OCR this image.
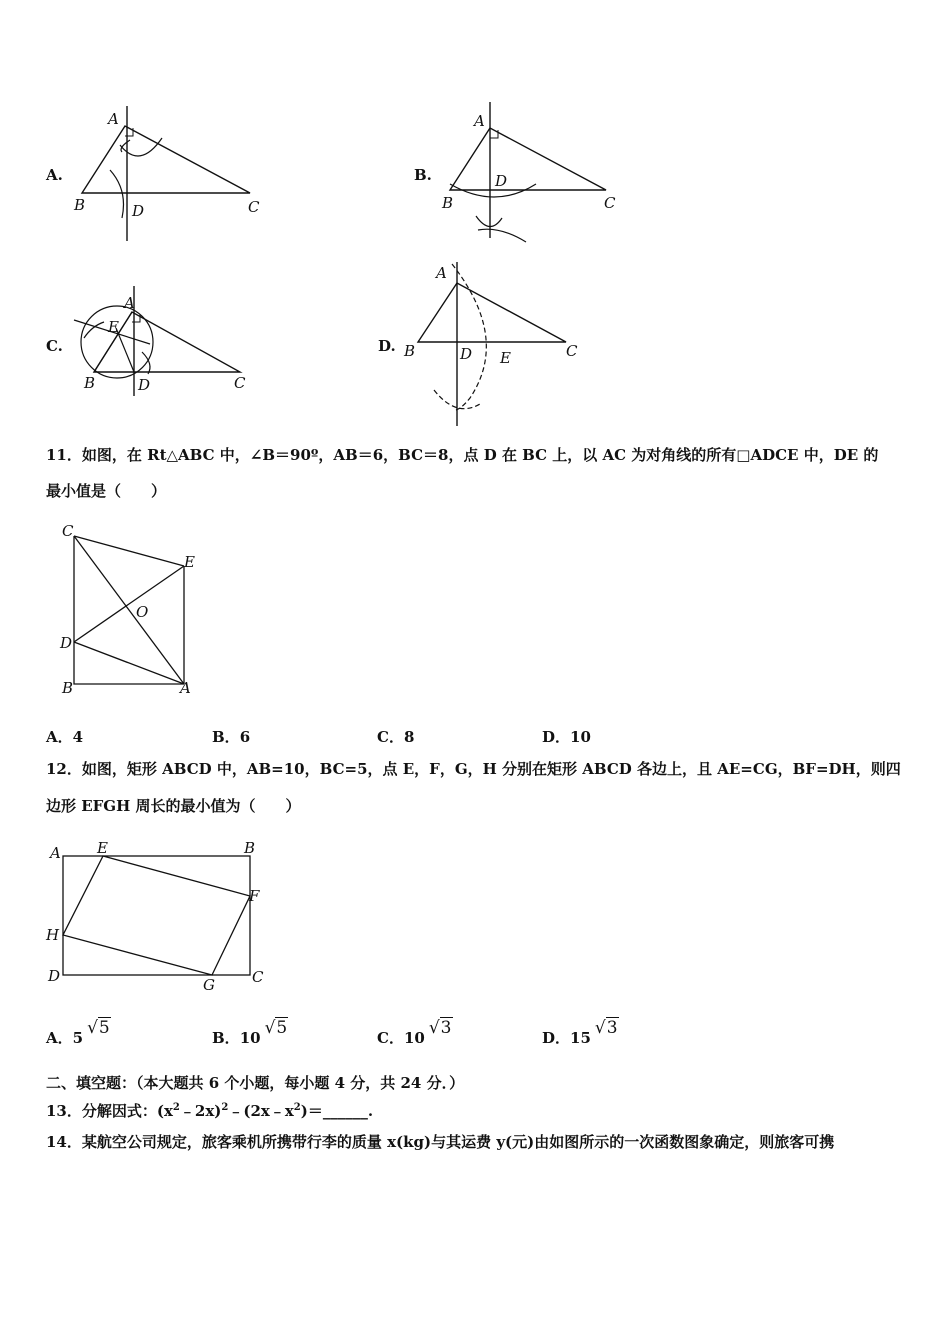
A.
A
B	D	C
B.
A
D
B	C
C.
A
E
B	D	C
D.
A
B	D E	C
11．如图，在 Rt△ABC 中，∠B＝90º，AB＝6，BC＝8，点 D 在 BC 上，以 AC 为对角线的所有□ADCE 中，DE 的
最小值是（　　）
C
E
O
D
B	A
A．4	B．6	C．8	D．10
12．如图，矩形 ABCD 中，AB=10，BC=5，点 E，F，G，H 分别在矩形 ABCD 各边上，且 AE=CG，BF=DH，则四
边形 EFGH 周长的最小值为（　　）
A E	B
F
H
D	G C
A．5 √5	B．10 √5	C．10 √3	D．15 √3
二、填空题：（本大题共 6 个小题，每小题 4 分，共 24 分．）
13．分解因式：$(x^2﹣2x)^2﹣(2x﹣x^2)=\_\_\_\_\_\_$.
14．某航空公司规定，旅客乘机所携带行李的质量 x(kg)与其运费 y(元)由如图所示的一次函数图象确定，则旅客可携
